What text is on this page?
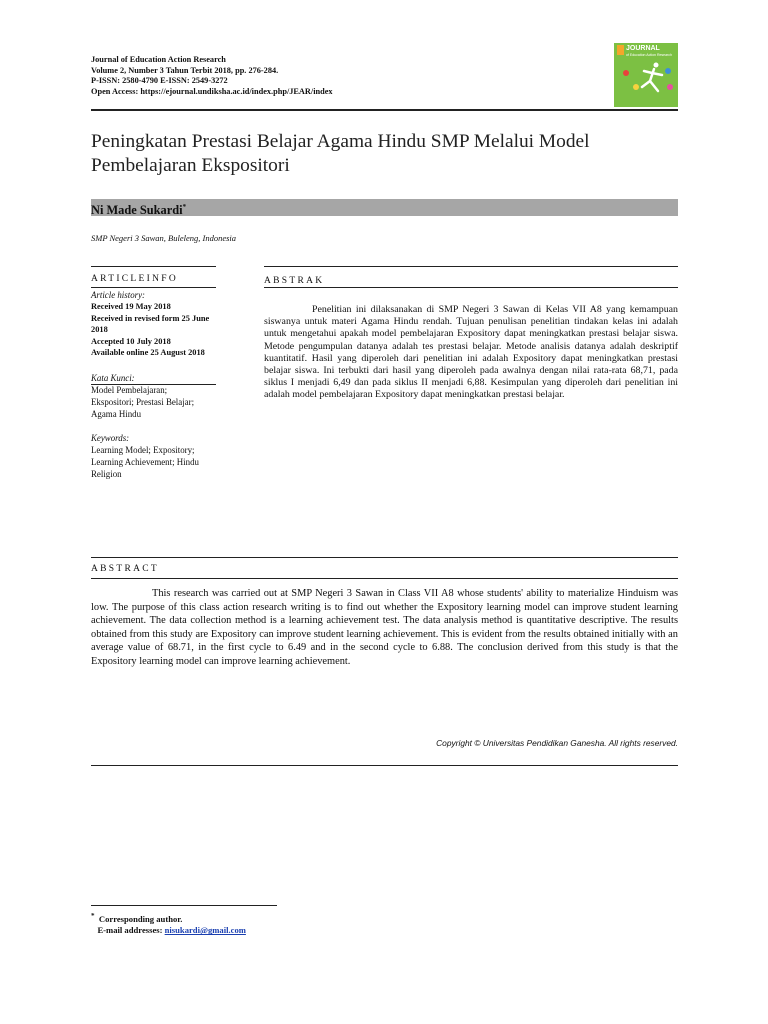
Journal of Education Action Research
Volume 2, Number 3 Tahun Terbit 2018, pp. 276-284.
P-ISSN: 2580-4790 E-ISSN: 2549-3272
Open Access: https://ejournal.undiksha.ac.id/index.php/JEAR/index
JOURNAL
of Education Action Research
Peningkatan Prestasi Belajar Agama Hindu SMP Melalui Model Pembelajaran Ekspositori
Ni Made Sukardi*
SMP Negeri 3 Sawan, Buleleng, Indonesia
ARTICLEINFO	ABSTRAK
Article history:
Received 19 May 2018
Received in revised form 25 June 2018
Accepted 10 July 2018
Available online 25 August 2018
Kata Kunci:
Model Pembelajaran; Ekspositori; Prestasi Belajar; Agama Hindu
Keywords:
Learning Model; Expository; Learning Achievement; Hindu Religion
Penelitian ini dilaksanakan di SMP Negeri 3 Sawan di Kelas VII A8 yang kemampuan siswanya untuk materi Agama Hindu rendah. Tujuan penulisan penelitian tindakan kelas ini adalah untuk mengetahui apakah model pembelajaran Expository dapat meningkatkan prestasi belajar siswa. Metode pengumpulan datanya adalah tes prestasi belajar. Metode analisis datanya adalah deskriptif kuantitatif. Hasil yang diperoleh dari penelitian ini adalah Expository dapat meningkatkan prestasi belajar siswa. Ini terbukti dari hasil yang diperoleh pada awalnya dengan nilai rata-rata 68,71, pada siklus I menjadi 6,49 dan pada siklus II menjadi 6,88. Kesimpulan yang diperoleh dari penelitian ini adalah model pembelajaran Expository dapat meningkatkan prestasi belajar.
ABSTRACT
This research was carried out at SMP Negeri 3 Sawan in Class VII A8 whose students' ability to materialize Hinduism was low. The purpose of this class action research writing is to find out whether the Expository learning model can improve student learning achievement. The data collection method is a learning achievement test. The data analysis method is quantitative descriptive. The results obtained from this study are Expository can improve student learning achievement. This is evident from the results obtained initially with an average value of 68.71, in the first cycle to 6.49 and in the second cycle to 6.88. The conclusion derived from this study is that the Expository learning model can improve learning achievement.
Copyright © Universitas Pendidikan Ganesha. All rights reserved.
* Corresponding author.
E-mail addresses: nisukardi@gmail.com
